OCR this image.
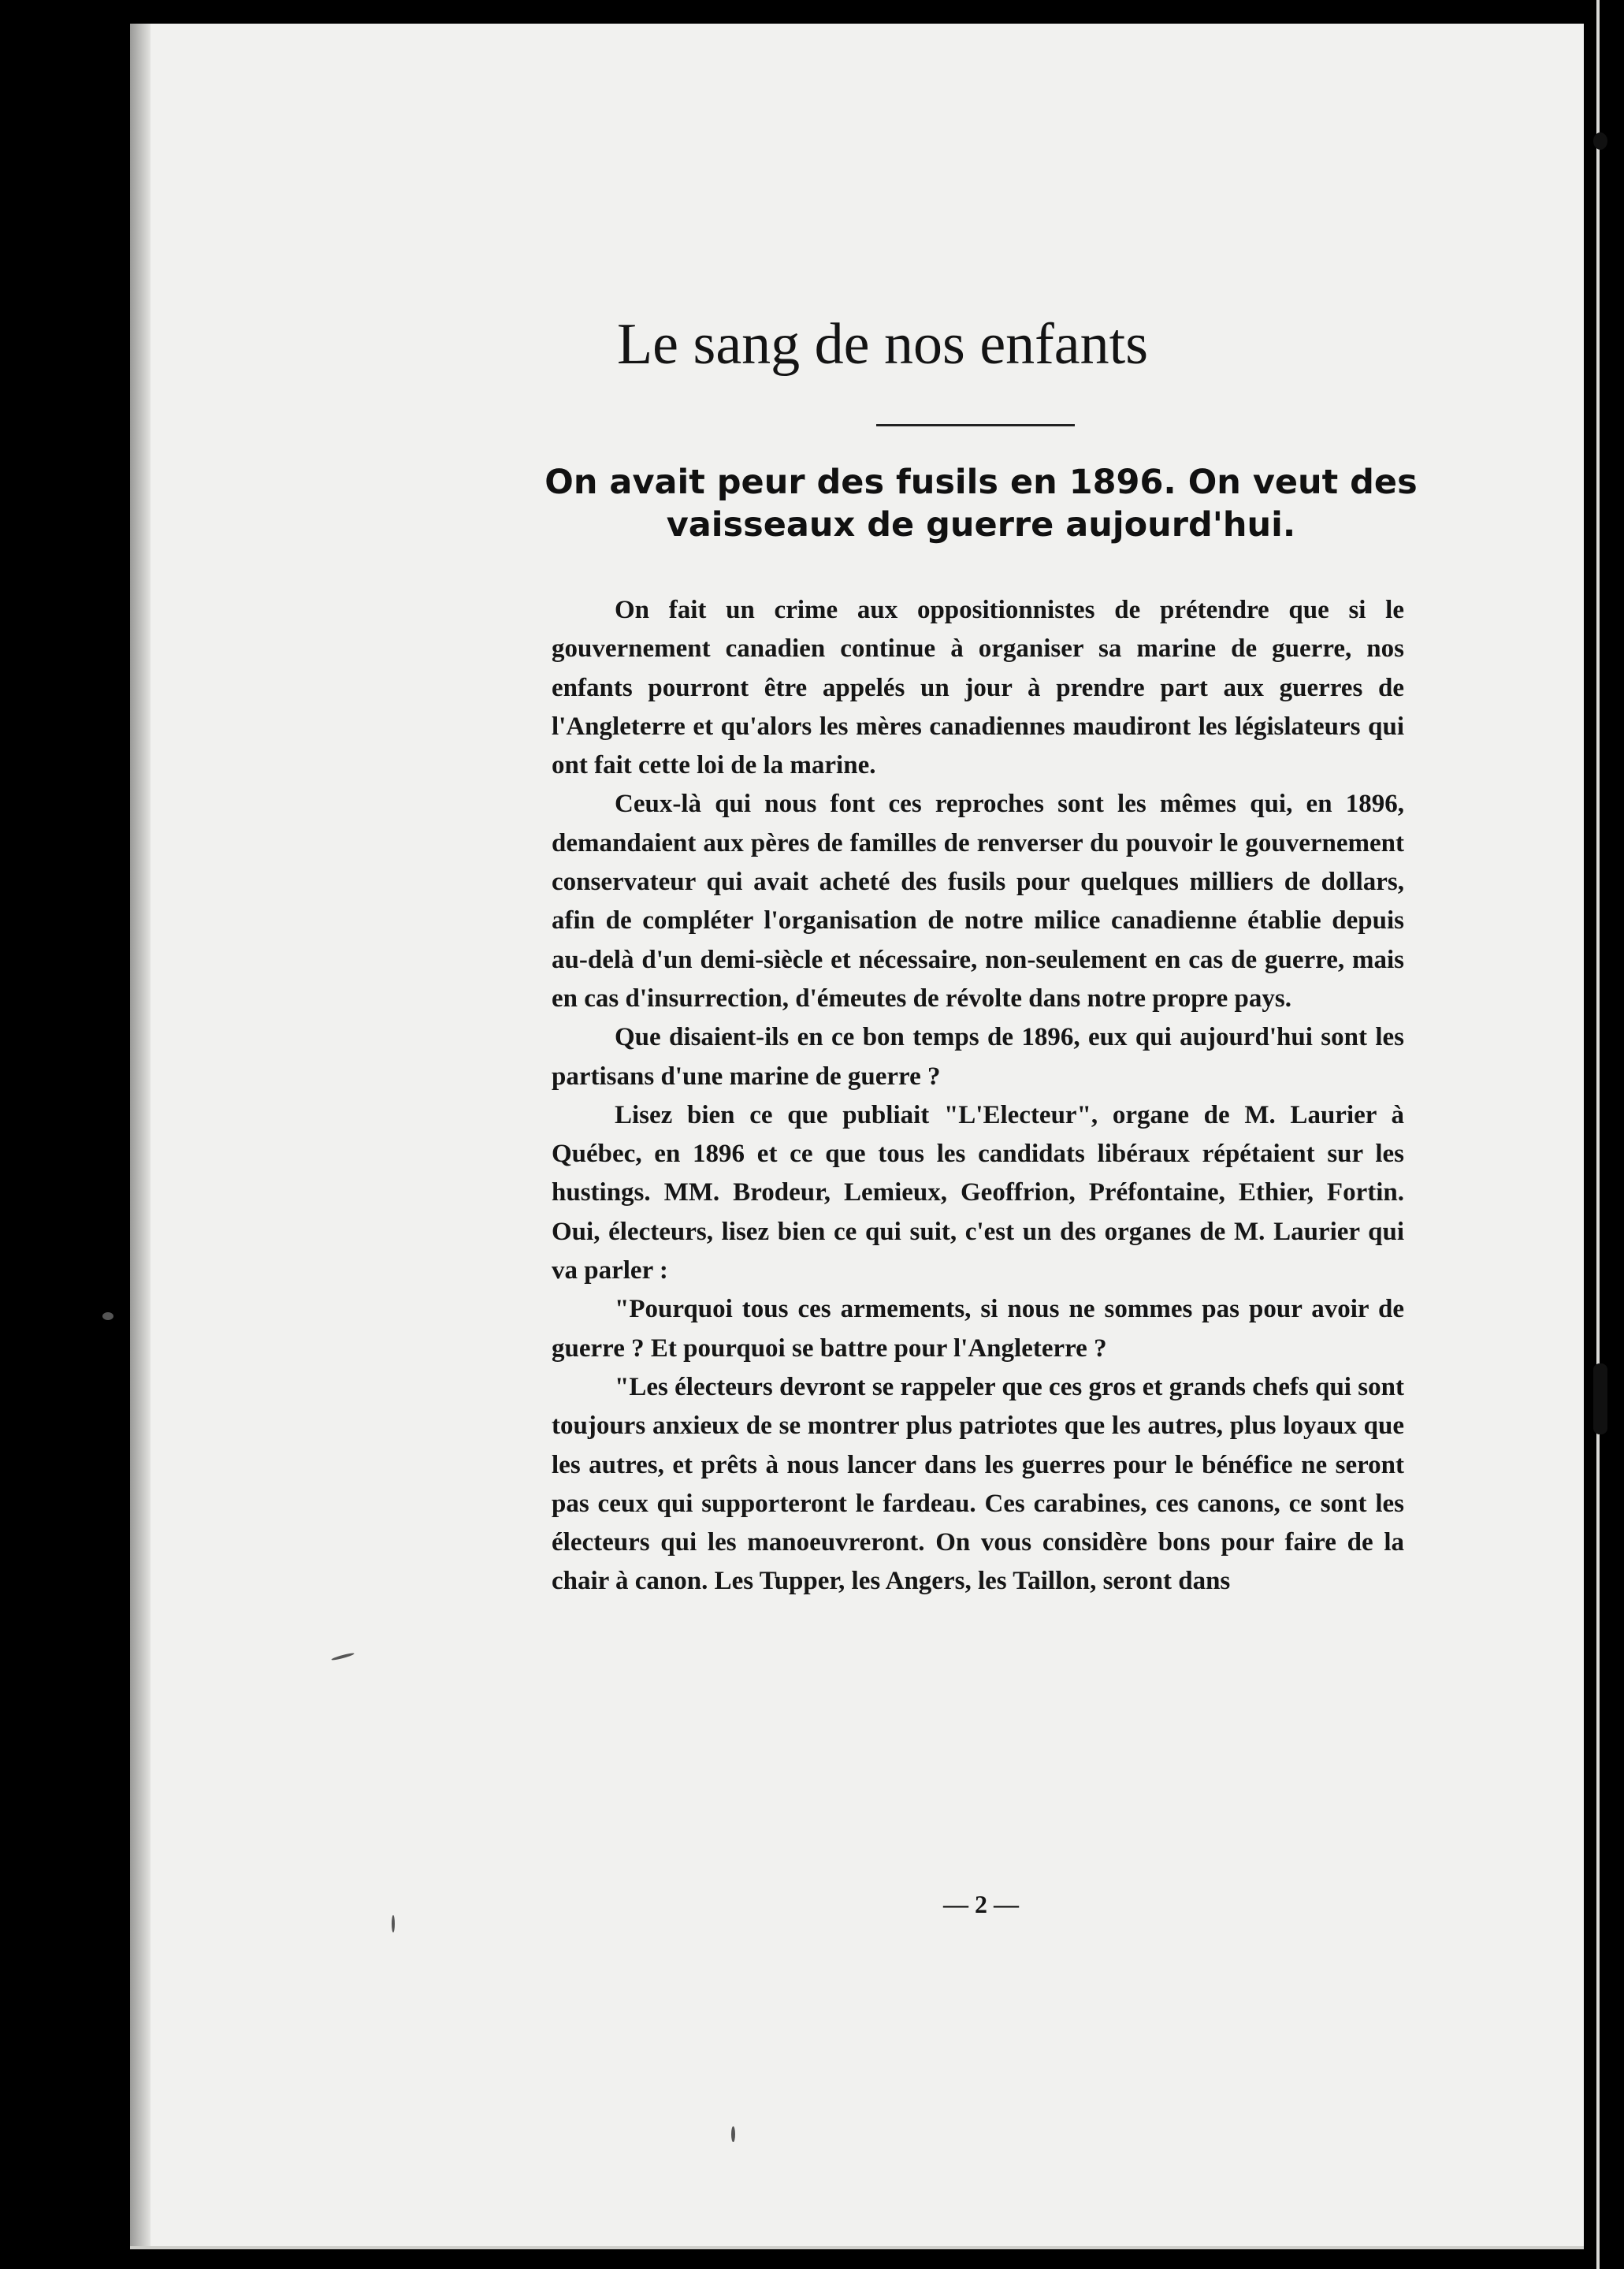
Le sang de nos enfants
On avait peur des fusils en 1896. On veut des vaisseaux de guerre aujourd'hui.

On fait un crime aux oppositionnistes de prétendre que si le gouvernement canadien continue à organiser sa marine de guerre, nos enfants pourront être appelés un jour à prendre part aux guerres de l'Angleterre et qu'alors les mères canadiennes maudiront les législateurs qui ont fait cette loi de la marine.

Ceux-là qui nous font ces reproches sont les mêmes qui, en 1896, demandaient aux pères de familles de renverser du pouvoir le gouvernement conservateur qui avait acheté des fusils pour quelques milliers de dollars, afin de compléter l'organisation de notre milice canadienne établie depuis au-delà d'un demi-siècle et nécessaire, non-seulement en cas de guerre, mais en cas d'insurrection, d'émeutes de révolte dans notre propre pays.

Que disaient-ils en ce bon temps de 1896, eux qui aujourd'hui sont les partisans d'une marine de guerre ?

Lisez bien ce que publiait "L'Electeur", organe de M. Laurier à Québec, en 1896 et ce que tous les candidats libéraux répétaient sur les hustings. MM. Brodeur, Lemieux, Geoffrion, Préfontaine, Ethier, Fortin. Oui, électeurs, lisez bien ce qui suit, c'est un des organes de M. Laurier qui va parler :

"Pourquoi tous ces armements, si nous ne sommes pas pour avoir de guerre ? Et pourquoi se battre pour l'Angleterre ?

"Les électeurs devront se rappeler que ces gros et grands chefs qui sont toujours anxieux de se montrer plus patriotes que les autres, plus loyaux que les autres, et prêts à nous lancer dans les guerres pour le bénéfice ne seront pas ceux qui supporteront le fardeau. Ces carabines, ces canons, ce sont les électeurs qui les manoeuvreront. On vous considère bons pour faire de la chair à canon. Les Tupper, les Angers, les Taillon, seront dans

— 2 —
